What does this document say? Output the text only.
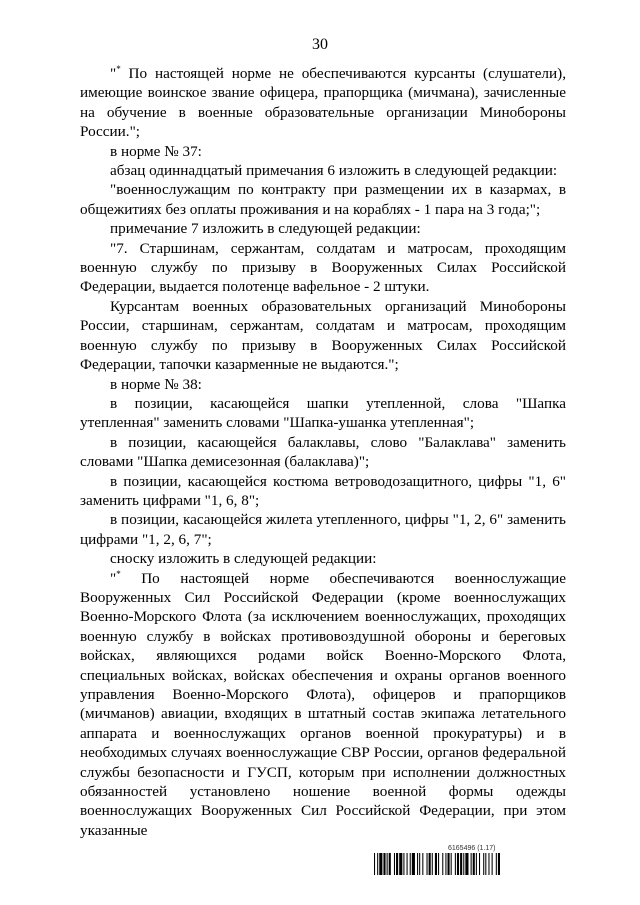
30

"* По настоящей норме не обеспечиваются курсанты (слушатели), имеющие воинское звание офицера, прапорщика (мичмана), зачисленные на обучение в военные образовательные организации Минобороны России.";

в норме № 37:

абзац одиннадцатый примечания 6 изложить в следующей редакции:

"военнослужащим по контракту при размещении их в казармах, в общежитиях без оплаты проживания и на кораблях - 1 пара на 3 года;";

примечание 7 изложить в следующей редакции:

"7. Старшинам, сержантам, солдатам и матросам, проходящим военную службу по призыву в Вооруженных Силах Российской Федерации, выдается полотенце вафельное - 2 штуки.

Курсантам военных образовательных организаций Минобороны России, старшинам, сержантам, солдатам и матросам, проходящим военную службу по призыву в Вооруженных Силах Российской Федерации, тапочки казарменные не выдаются.";

в норме № 38:

в позиции, касающейся шапки утепленной, слова "Шапка утепленная" заменить словами "Шапка-ушанка утепленная";

в позиции, касающейся балаклавы, слово "Балаклава" заменить словами "Шапка демисезонная (балаклава)";

в позиции, касающейся костюма ветроводозащитного, цифры "1, 6" заменить цифрами "1, 6, 8";

в позиции, касающейся жилета утепленного, цифры "1, 2, 6" заменить цифрами "1, 2, 6, 7";

сноску изложить в следующей редакции:

"* По настоящей норме обеспечиваются военнослужащие Вооруженных Сил Российской Федерации (кроме военнослужащих Военно-Морского Флота (за исключением военнослужащих, проходящих военную службу в войсках противовоздушной обороны и береговых войсках, являющихся родами войск Военно-Морского Флота, специальных войсках, войсках обеспечения и охраны органов военного управления Военно-Морского Флота), офицеров и прапорщиков (мичманов) авиации, входящих в штатный состав экипажа летательного аппарата и военнослужащих органов военной прокуратуры) и в необходимых случаях военнослужащие СВР России, органов федеральной службы безопасности и ГУСП, которым при исполнении должностных обязанностей установлено ношение военной формы одежды военнослужащих Вооруженных Сил Российской Федерации, при этом указанные

6165496 (1.17)
